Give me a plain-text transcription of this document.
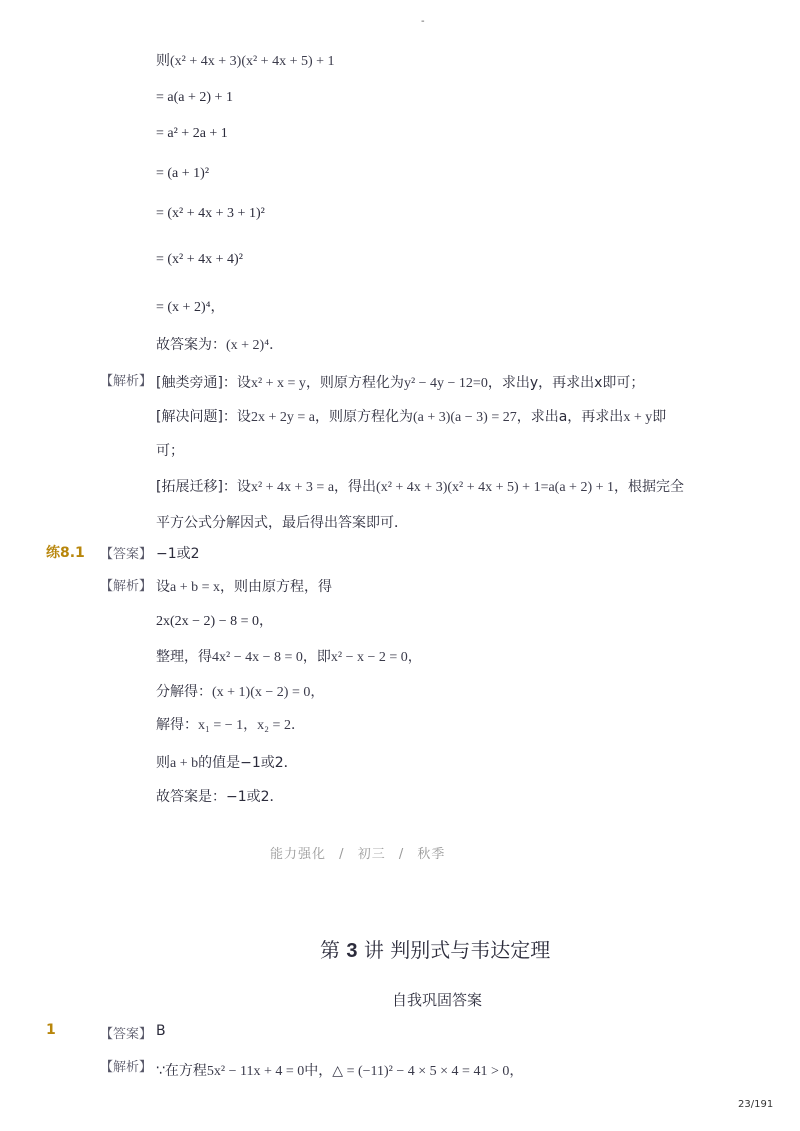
-
则(x² + 4x + 3)(x² + 4x + 5) + 1
= a(a + 2) + 1
= a² + 2a + 1
= (a + 1)²
= (x² + 4x + 3 + 1)²
= (x² + 4x + 4)²
= (x + 2)⁴，
故答案为：(x + 2)⁴．
【解析】 [触类旁通]：设x² + x = y，则原方程化为y² − 4y − 12=0，求出y，再求出x即可；
[解决问题]：设2x + 2y = a，则原方程化为(a + 3)(a − 3) = 27，求出a，再求出x + y即
可；
[拓展迁移]：设x² + 4x + 3 = a，得出(x² + 4x + 3)(x² + 4x + 5) + 1=a(a + 2) + 1，根据完全
平方公式分解因式，最后得出答案即可．
练8.1 【答案】 −1或2
【解析】 设a + b = x，则由原方程，得
2x(2x − 2) − 8 = 0，
整理，得4x² − 4x − 8 = 0，即x² − x − 2 = 0，
分解得：(x + 1)(x − 2) = 0，
解得：x₁ = − 1，x₂ = 2．
则a + b的值是−1或2．
故答案是：−1或2．
能力强化 / 初三 / 秋季
第 3 讲 判别式与韦达定理
自我巩固答案
1	【答案】 B
【解析】 ∵在方程5x² − 11x + 4 = 0中，△ = (−11)² − 4 × 5 × 4 = 41 > 0，
23/191
